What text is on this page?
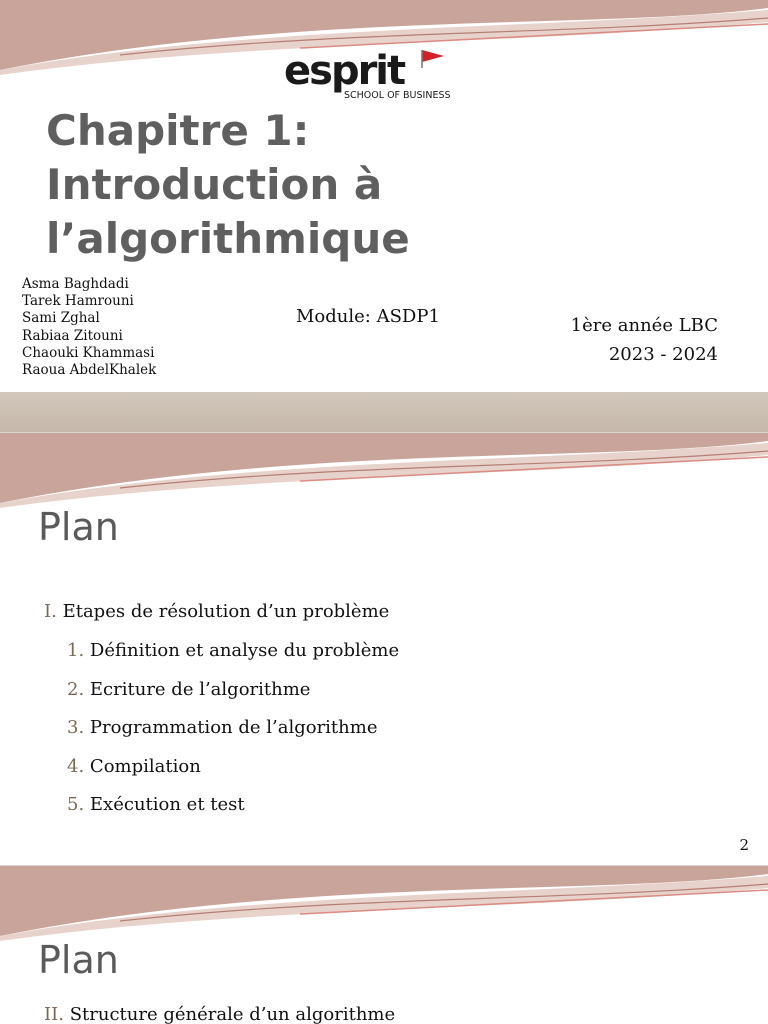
esprit
SCHOOL OF BUSINESS
Chapitre 1:
Introduction à
l’algorithmique
Asma Baghdadi
Tarek Hamrouni
Sami Zghal
Rabiaa Zitouni
Chaouki Khammasi
Raoua AbdelKhalek
Module: ASDP1	1ère année LBC
2023 - 2024
Plan
I. Etapes de résolution d’un problème
1. Définition et analyse du problème
2. Ecriture de l’algorithme
3. Programmation de l’algorithme
4. Compilation
5. Exécution et test
2
Plan
II. Structure générale d’un algorithme
